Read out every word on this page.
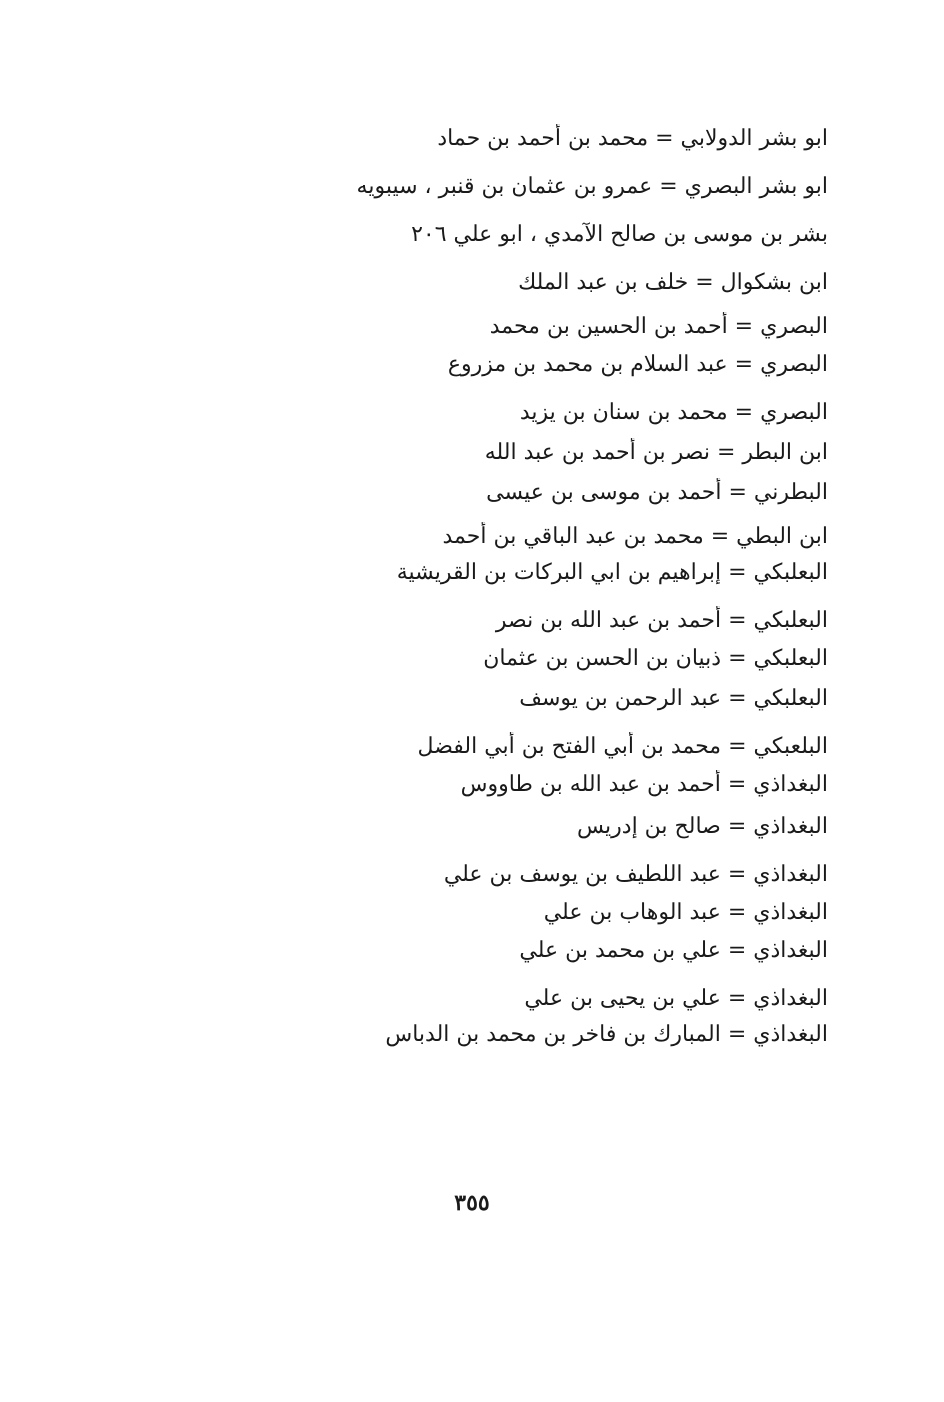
ابو بشر الدولابي = محمد بن أحمد بن حماد
ابو بشر البصري = عمرو بن عثمان بن قنبر ، سيبويه
بشر بن موسى بن صالح الآمدي ، ابو علي ٢٠٦
ابن بشكوال = خلف بن عبد الملك
البصري = أحمد بن الحسين بن محمد
البصري = عبد السلام بن محمد بن مزروع
البصري = محمد بن سنان بن يزيد
ابن البطر = نصر بن أحمد بن عبد الله
البطرني = أحمد بن موسى بن عيسى
ابن البطي = محمد بن عبد الباقي بن أحمد
البعلبكي = إبراهيم بن ابي البركات بن القريشية
البعلبكي = أحمد بن عبد الله بن نصر
البعلبكي = ذبيان بن الحسن بن عثمان
البعلبكي = عبد الرحمن بن يوسف
البلعبكي = محمد بن أبي الفتح بن أبي الفضل
البغداذي = أحمد بن عبد الله بن طاووس
البغداذي = صالح بن إدريس
البغداذي = عبد اللطيف بن يوسف بن علي
البغداذي = عبد الوهاب بن علي
البغداذي = علي بن محمد بن علي
البغداذي = علي بن يحيى بن علي
البغداذي = المبارك بن فاخر بن محمد بن الدباس
٣٥٥
